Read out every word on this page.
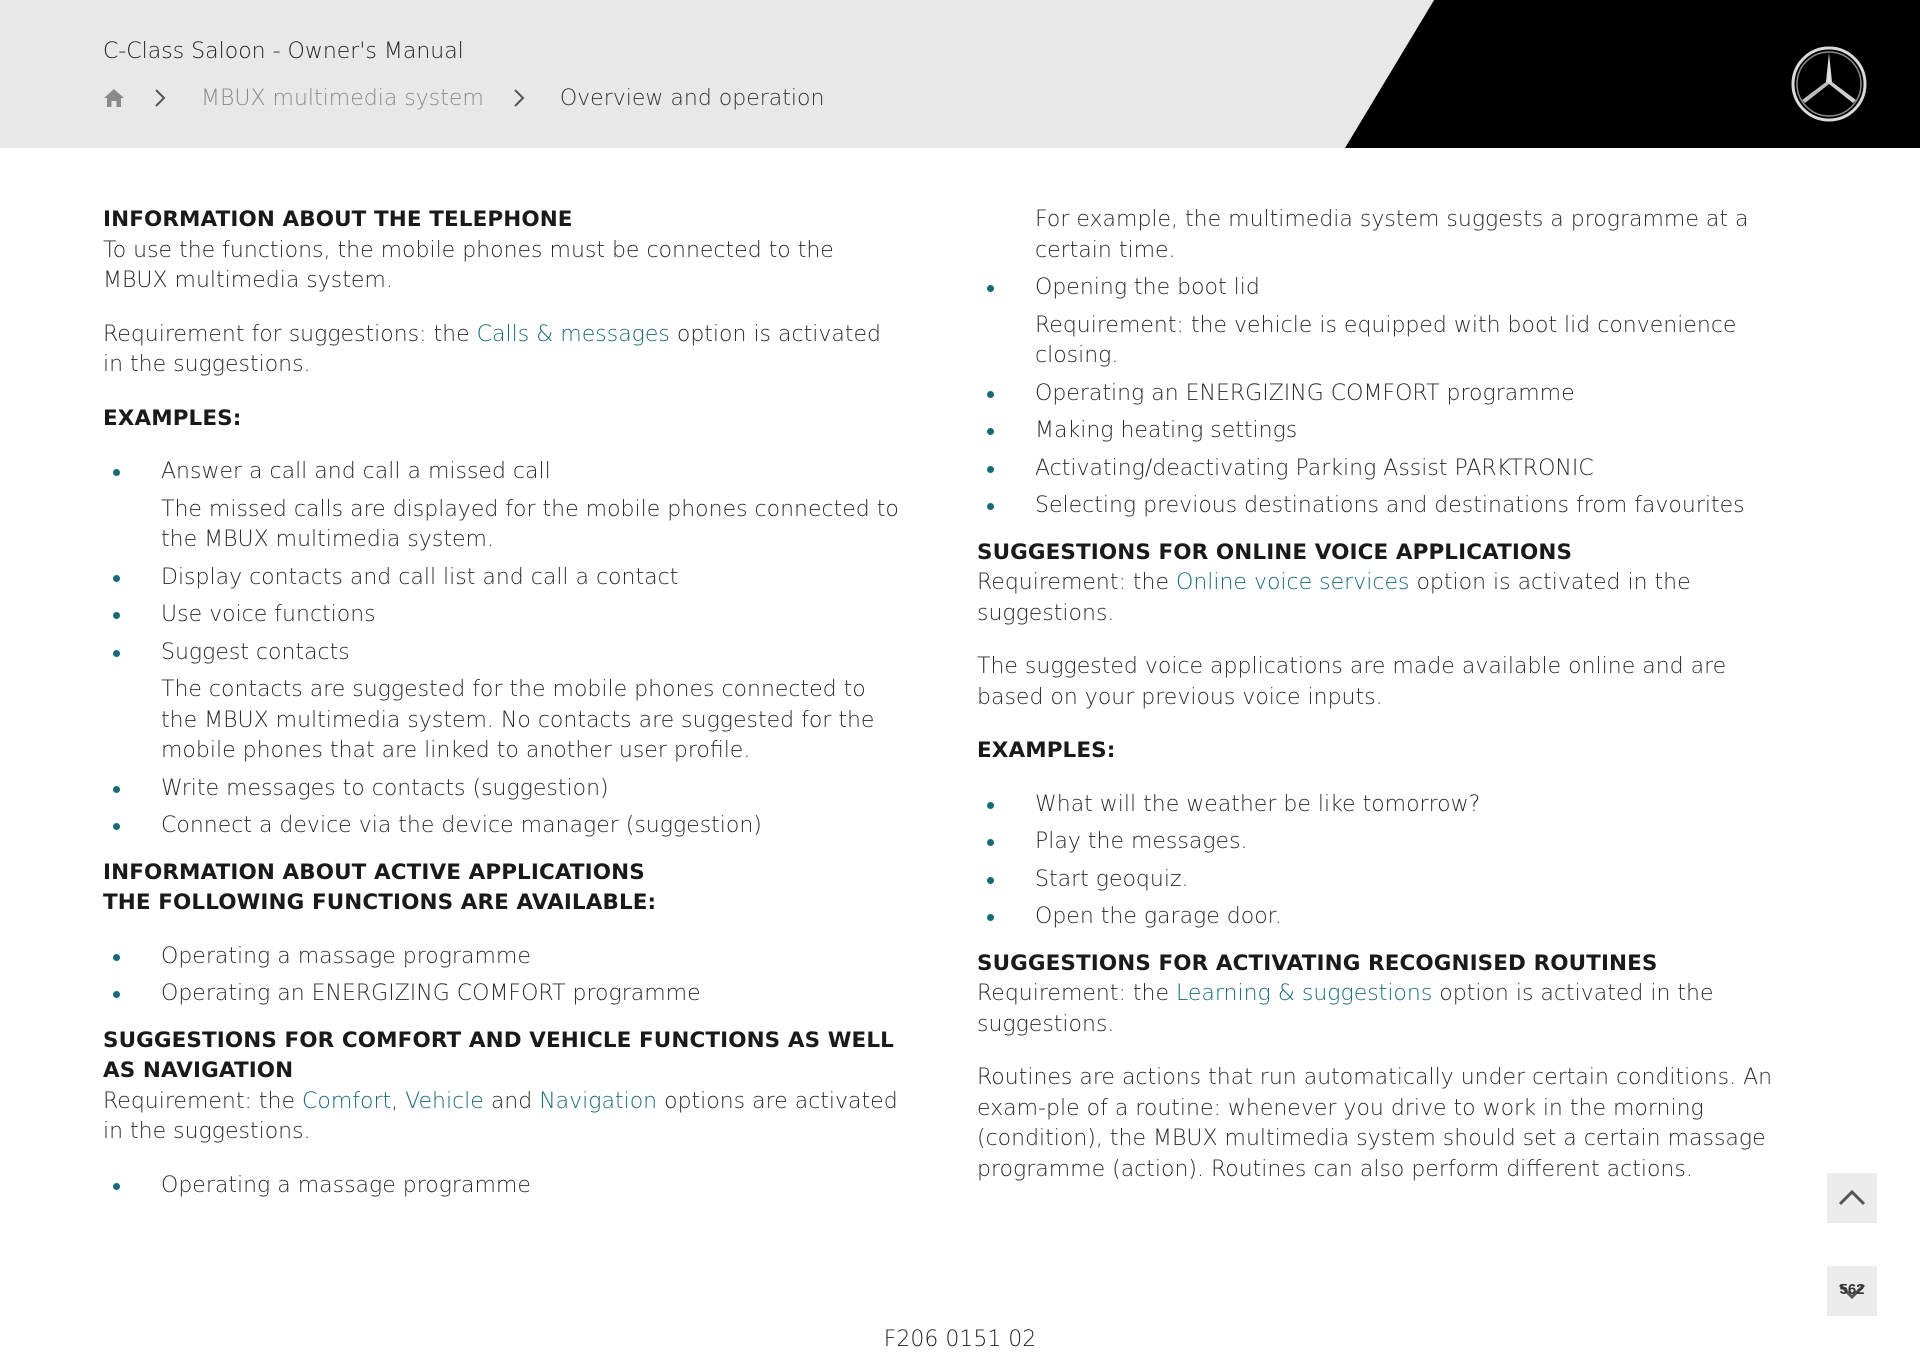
C-Class Saloon - Owner's Manual
MBUX multimedia system	Overview and operation
INFORMATION ABOUT THE TELEPHONE

To use the functions, the mobile phones must be connected to the MBUX multimedia system.

Requirement for suggestions: the Calls & messages option is activated in the suggestions.

EXAMPLES:
Answer a call and call a missed call
The missed calls are displayed for the mobile phones connected to the MBUX multimedia system.
Display contacts and call list and call a contact
Use voice functions
Suggest contacts
The contacts are suggested for the mobile phones connected to the MBUX multimedia system. No contacts are suggested for the mobile phones that are linked to another user profile.
Write messages to contacts (suggestion)
Connect a device via the device manager (suggestion)
INFORMATION ABOUT ACTIVE APPLICATIONS
THE FOLLOWING FUNCTIONS ARE AVAILABLE:
Operating a massage programme
Operating an ENERGIZING COMFORT programme
SUGGESTIONS FOR COMFORT AND VEHICLE FUNCTIONS AS WELL AS NAVIGATION

Requirement: the Comfort, Vehicle and Navigation options are activated in the suggestions.

Operating a massage programme
For example, the multimedia system suggests a programme at a certain time.
Opening the boot lid
Requirement: the vehicle is equipped with boot lid convenience closing.
Operating an ENERGIZING COMFORT programme
Making heating settings
Activating/deactivating Parking Assist PARKTRONIC
Selecting previous destinations and destinations from favourites
SUGGESTIONS FOR ONLINE VOICE APPLICATIONS

Requirement: the Online voice services option is activated in the suggestions.

The suggested voice applications are made available online and are based on your previous voice inputs.

EXAMPLES:
What will the weather be like tomorrow?
Play the messages.
Start geoquiz.
Open the garage door.
SUGGESTIONS FOR ACTIVATING RECOGNISED ROUTINES

Requirement: the Learning & suggestions option is activated in the suggestions.

Routines are actions that run automatically under certain conditions. An exam-ple of a routine: whenever you drive to work in the morning (condition), the MBUX multimedia system should set a certain massage programme (action). Routines can also perform different actions.

562
F206 0151 02
